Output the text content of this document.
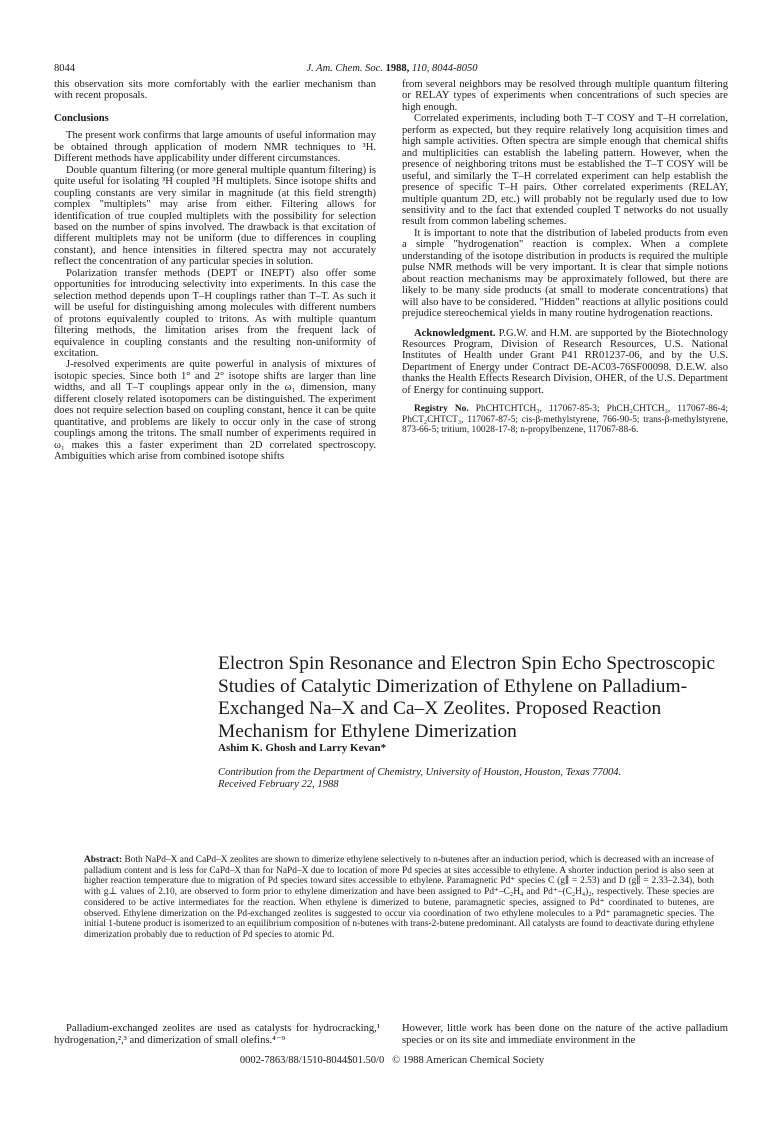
8044	J. Am. Chem. Soc. 1988, 110, 8044-8050

this observation sits more comfortably with the earlier mechanism than with recent proposals.

Conclusions

The present work confirms that large amounts of useful information may be obtained through application of modern NMR techniques to ³H. Different methods have applicability under different circumstances.

Double quantum filtering (or more general multiple quantum filtering) is quite useful for isolating ³H coupled ³H multiplets. Since isotope shifts and coupling constants are very similar in magnitude (at this field strength) complex "multiplets" may arise from either. Filtering allows for identification of true coupled multiplets with the possibility for selection based on the number of spins involved. The drawback is that excitation of different multiplets may not be uniform (due to differences in coupling constant), and hence intensities in filtered spectra may not accurately reflect the concentration of any particular species in solution.

Polarization transfer methods (DEPT or INEPT) also offer some opportunities for introducing selectivity into experiments. In this case the selection method depends upon T–H couplings rather than T–T. As such it will be useful for distinguishing among molecules with different numbers of protons equivalently coupled to tritons. As with multiple quantum filtering methods, the limitation arises from the frequent lack of equivalence in coupling constants and the resulting non-uniformity of excitation.

J-resolved experiments are quite powerful in analysis of mixtures of isotopic species. Since both 1° and 2° isotope shifts are larger than line widths, and all T–T couplings appear only in the ω₁ dimension, many different closely related isotopomers can be distinguished. The experiment does not require selection based on coupling constant, hence it can be quite quantitative, and problems are likely to occur only in the case of strong couplings among the tritons. The small number of experiments required in ω₁ makes this a faster experiment than 2D correlated spectroscopy. Ambiguities which arise from combined isotope shifts

from several neighbors may be resolved through multiple quantum filtering or RELAY types of experiments when concentrations of such species are high enough.

Correlated experiments, including both T–T COSY and T–H correlation, perform as expected, but they require relatively long acquisition times and high sample activities. Often spectra are simple enough that chemical shifts and multiplicities can establish the labeling pattern. However, when the presence of neighboring tritons must be established the T–T COSY will be useful, and similarly the T–H correlated experiment can help establish the presence of specific T–H pairs. Other correlated experiments (RELAY, multiple quantum 2D, etc.) will probably not be regularly used due to low sensitivity and to the fact that extended coupled T networks do not usually result from common labeling schemes.

It is important to note that the distribution of labeled products from even a simple "hydrogenation" reaction is complex. When a complete understanding of the isotope distribution in products is required the multiple pulse NMR methods will be very important. It is clear that simple notions about reaction mechanisms may be approximately followed, but there are likely to be many side products (at small to moderate concentrations) that will also have to be considered. "Hidden" reactions at allylic positions could prejudice stereochemical yields in many routine hydrogenation reactions.

Acknowledgment. P.G.W. and H.M. are supported by the Biotechnology Resources Program, Division of Research Resources, U.S. National Institutes of Health under Grant P41 RR01237-06, and by the U.S. Department of Energy under Contract DE-AC03-76SF00098. D.E.W. also thanks the Health Effects Research Division, OHER, of the U.S. Department of Energy for continuing support.

Registry No. PhCHTCHTCH₃, 117067-85-3; PhCH₂CHTCH₃, 117067-86-4; PhCT₂CHTCT₃, 117067-87-5; cis-β-methylstyrene, 766-90-5; trans-β-methylstyrene, 873-66-5; tritium, 10028-17-8; n-propylbenzene, 117067-88-6.

Electron Spin Resonance and Electron Spin Echo Spectroscopic Studies of Catalytic Dimerization of Ethylene on Palladium-Exchanged Na–X and Ca–X Zeolites. Proposed Reaction Mechanism for Ethylene Dimerization
Ashim K. Ghosh and Larry Kevan*
Contribution from the Department of Chemistry, University of Houston, Houston, Texas 77004.
Received February 22, 1988
Abstract: Both NaPd–X and CaPd–X zeolites are shown to dimerize ethylene selectively to n-butenes after an induction period, which is decreased with an increase of palladium content and is less for CaPd–X than for NaPd–X due to location of more Pd species at sites accessible to ethylene. A shorter induction period is also seen at higher reaction temperature due to migration of Pd species toward sites accessible to ethylene. Paramagnetic Pd⁺ species C (g∥ = 2.53) and D (g∥ = 2.33–2.34), both with g⊥ values of 2.10, are observed to form prior to ethylene dimerization and have been assigned to Pd⁺–C₂H₄ and Pd⁺–(C₂H₄)₂, respectively. These species are considered to be active intermediates for the reaction. When ethylene is dimerized to butene, paramagnetic species, assigned to Pd⁺ coordinated to butenes, are observed. Ethylene dimerization on the Pd-exchanged zeolites is suggested to occur via coordination of two ethylene molecules to a Pd⁺ paramagnetic species. The initial 1-butene product is isomerized to an equilibrium composition of n-butenes with trans-2-butene predominant. All catalysts are found to deactivate during ethylene dimerization probably due to reduction of Pd species to atomic Pd.
Palladium-exchanged zeolites are used as catalysts for hydrocracking,¹ hydrogenation,²,³ and dimerization of small olefins.⁴⁻⁹
However, little work has been done on the nature of the active palladium species or on its site and immediate environment in the
0002-7863/88/1510-8044$01.50/0 © 1988 American Chemical Society
